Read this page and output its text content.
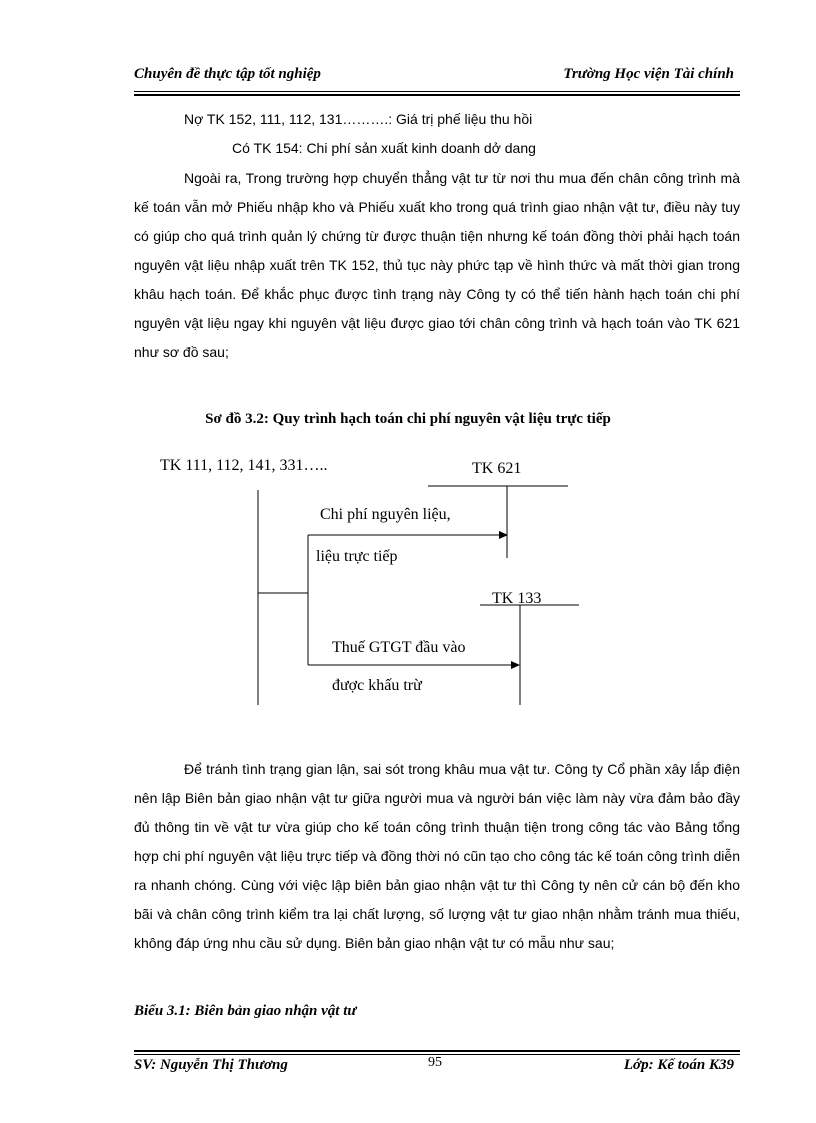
Chuyên đề thực tập tốt nghiệp	Trường Học viện Tài chính
Nợ TK 152, 111, 112, 131……….: Giá trị phế liệu thu hồi
Có TK 154: Chi phí sản xuất kinh doanh dở dang

Ngoài ra, Trong trường hợp chuyển thẳng vật tư từ nơi thu mua đến chân công trình mà kế toán vẫn mở Phiếu nhập kho và Phiếu xuất kho trong quá trình giao nhận vật tư, điều này tuy có giúp cho quá trình quản lý chứng từ được thuận tiện nhưng kế toán đồng thời phải hạch toán nguyên vật liệu nhập xuất trên TK 152, thủ tục này phức tạp về hình thức và mất thời gian trong khâu hạch toán. Để khắc phục được tình trạng này Công ty có thể tiến hành hạch toán chi phí nguyên vật liệu ngay khi nguyên vật liệu được giao tới chân công trình và hạch toán vào TK 621 như sơ đồ sau;

Sơ đồ 3.2: Quy trình hạch toán chi phí nguyên vật liệu trực tiếp
TK 111, 112, 141, 331…..	TK 621
Chi phí nguyên liệu,
liệu trực tiếp
TK 133
Thuế GTGT đầu vào
được khấu trừ

Để tránh tình trạng gian lận, sai sót trong khâu mua vật tư. Công ty Cổ phần xây lắp điện nên lập Biên bản giao nhận vật tư giữa người mua và người bán việc làm này vừa đảm bảo đầy đủ thông tin về vật tư vừa giúp cho kế toán công trình thuận tiện trong công tác vào Bảng tổng hợp chi phí nguyên vật liệu trực tiếp và đồng thời nó cũn tạo cho công tác kế toán công trình diễn ra nhanh chóng. Cùng với việc lập biên bản giao nhận vật tư thì Công ty nên cử cán bộ đến kho bãi và chân công trình kiểm tra lại chất lượng, số lượng vật tư giao nhận nhằm tránh mua thiếu, không đáp ứng nhu cầu sử dụng. Biên bản giao nhận vật tư có mẫu như sau;

Biểu 3.1: Biên bản giao nhận vật tư
SV: Nguyễn Thị Thương	95	Lớp: Kế toán K39
